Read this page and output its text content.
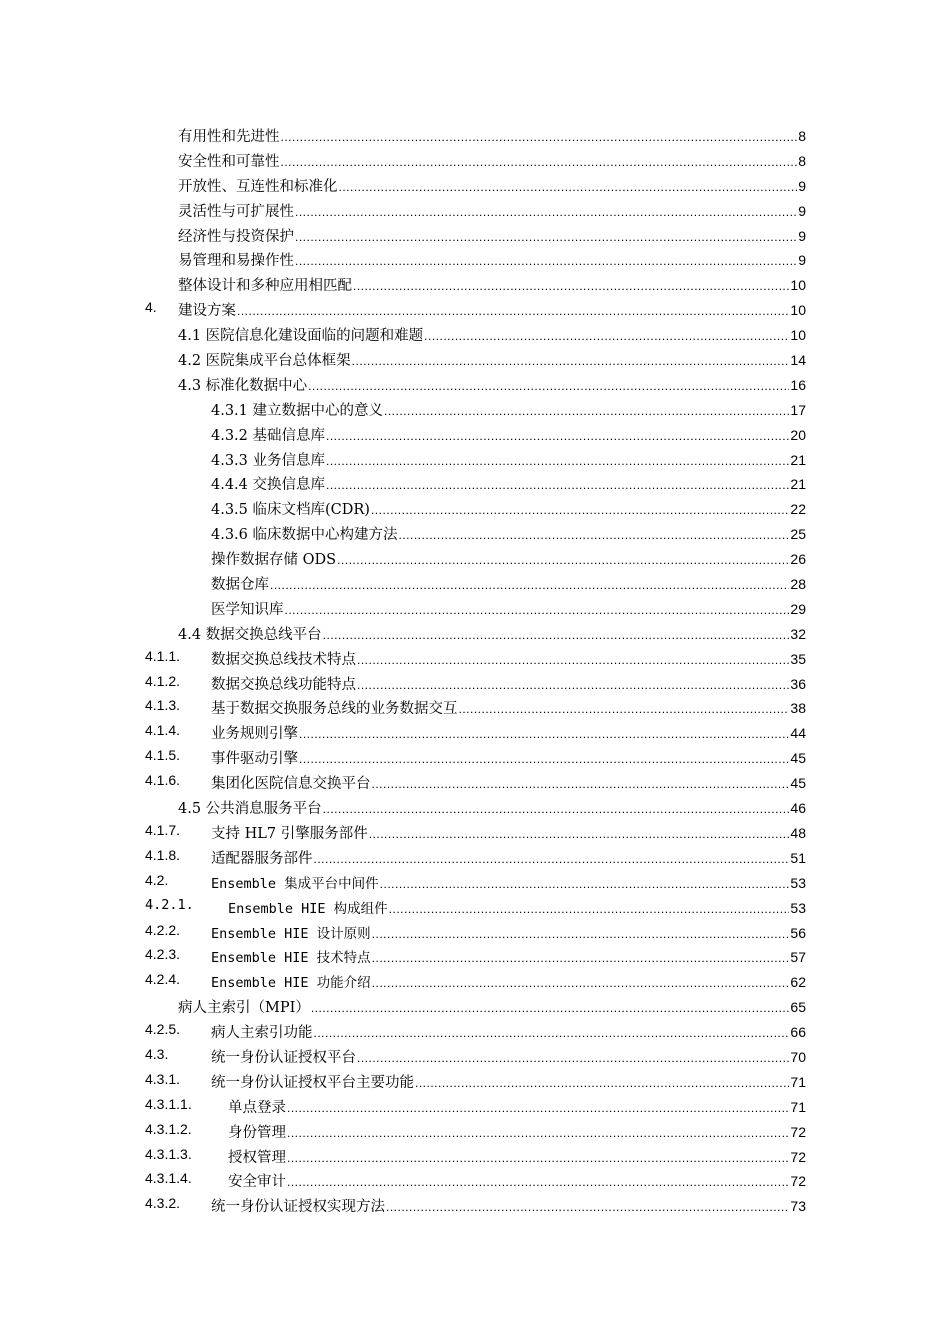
有用性和先进性 .....	8
安全性和可靠性 .....	8
开放性、互连性和标准化 .....	9
灵活性与可扩展性 .....	9
经济性与投资保护 .....	9
易管理和易操作性 .....	9
整体设计和多种应用相匹配 .....	10
4. 建设方案 .....	10
4.1 医院信息化建设面临的问题和难题 .....	10
4.2 医院集成平台总体框架 .....	14
4.3 标准化数据中心 .....	16
4.3.1 建立数据中心的意义 .....	17
4.3.2 基础信息库 .....	20
4.3.3 业务信息库 .....	21
4.4.4 交换信息库 .....	21
4.3.5 临床文档库(CDR) .....	22
4.3.6 临床数据中心构建方法 .....	25
操作数据存储 ODS .....	26
数据仓库 .....	28
医学知识库 .....	29
4.4 数据交换总线平台 .....	32
4.1.1. 数据交换总线技术特点 .....	35
4.1.2. 数据交换总线功能特点 .....	36
4.1.3. 基于数据交换服务总线的业务数据交互 .....	38
4.1.4. 业务规则引擎 .....	44
4.1.5. 事件驱动引擎 .....	45
4.1.6. 集团化医院信息交换平台 .....	45
4.5 公共消息服务平台 .....	46
4.1.7. 支持 HL7 引擎服务部件 .....	48
4.1.8. 适配器服务部件 .....	51
4.2.	Ensemble 集成平台中间件 .....	53
4.2.1.	Ensemble HIE 构成组件 .....	53
4.2.2. Ensemble HIE 设计原则 .....	56
4.2.3. Ensemble HIE 技术特点 .....	57
4.2.4. Ensemble HIE 功能介绍 .....	62
病人主索引（MPI） .....	65
4.2.5. 病人主索引功能 .....	66
4.3.	统一身份认证授权平台 .....	70
4.3.1. 统一身份认证授权平台主要功能 .....	71
4.3.1.1.	单点登录 .....	71
4.3.1.2.	身份管理 .....	72
4.3.1.3.	授权管理 .....	72
4.3.1.4.	安全审计 .....	72
4.3.2. 统一身份认证授权实现方法 .....	73
